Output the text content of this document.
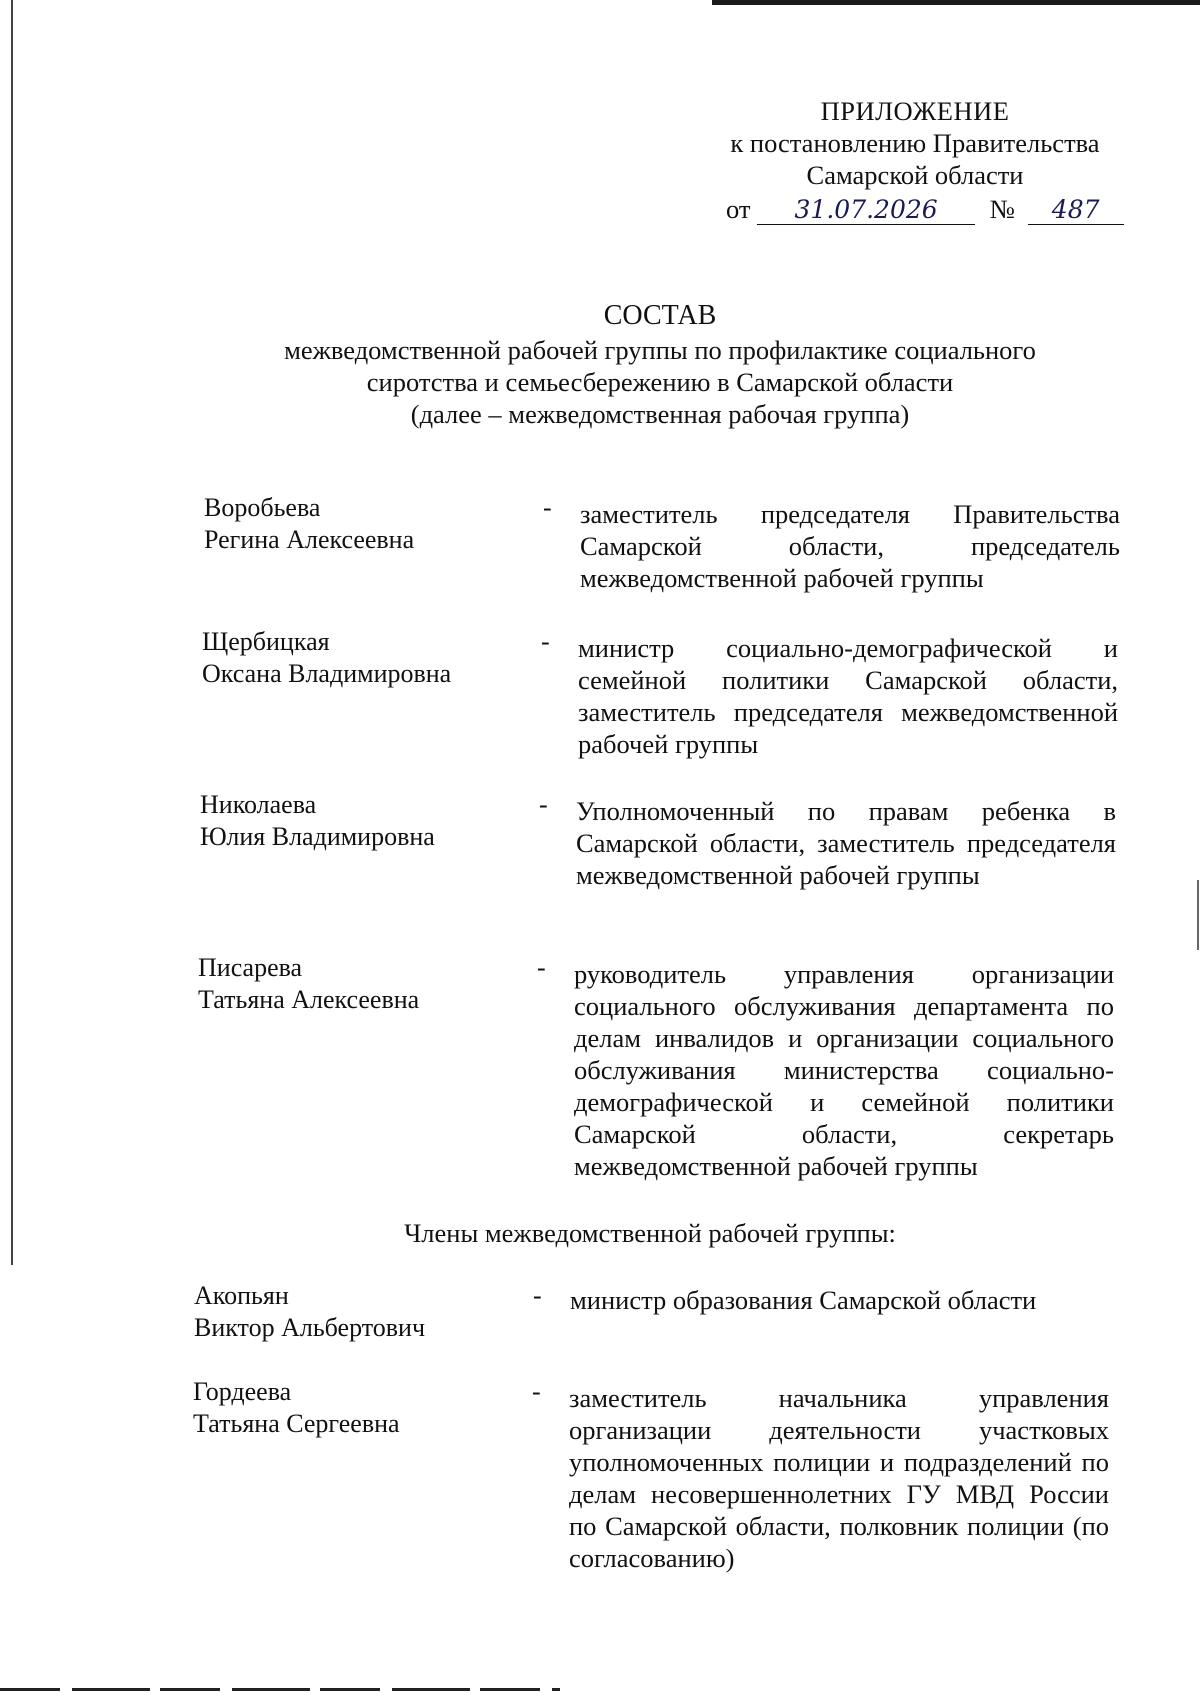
ПРИЛОЖЕНИЕ
к постановлению Правительства
Самарской области
от 31.07.2026 № 487
СОСТАВ
межведомственной рабочей группы по профилактике социального
сиротства и семьесбережению в Самарской области
(далее – межведомственная рабочая группа)
Воробьева
Регина Алексеевна
- заместитель председателя Правительства Самарской области, председатель межведомственной рабочей группы
Щербицкая
Оксана Владимировна
- министр социально-демографической и семейной политики Самарской области, заместитель председателя межведомственной рабочей группы
Николаева
Юлия Владимировна
- Уполномоченный по правам ребенка в Самарской области, заместитель председателя межведомственной рабочей группы
Писарева
Татьяна Алексеевна
- руководитель управления организации социального обслуживания департамента по делам инвалидов и организации социального обслуживания министерства социально-демографической и семейной политики Самарской области, секретарь межведомственной рабочей группы
Члены межведомственной рабочей группы:
Акопьян
Виктор Альбертович
- министр образования Самарской области
Гордеева
Татьяна Сергеевна
- заместитель начальника управления организации деятельности участковых уполномоченных полиции и подразделений по делам несовершеннолетних ГУ МВД России по Самарской области, полковник полиции (по согласованию)
